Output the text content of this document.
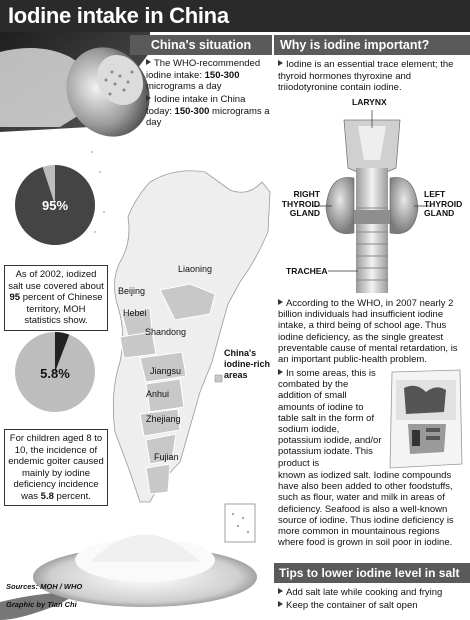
Iodine intake in China
China's situation
The WHO-recommended iodine intake: 150-300 micrograms a day
Iodine intake in China today: 150-300 micrograms a day
95%
As of 2002, iodized salt use covered about 95 percent of Chinese territory, MOH statistics show.
5.8%
For children aged 8 to 10, the incidence of endemic goiter caused mainly by iodine deficiency incidence was 5.8 percent.
Liaoning
Beijing
Hebei
Shandong
Jiangsu
Anhui
Zhejiang
Fujian
China's iodine-rich areas
Sources: MOH / WHO
Graphic by Tian Chi
Why is iodine important?
Iodine is an essential trace element; the thyroid hormones thyroxine and triiodotyronine contain iodine.
LARYNX
RIGHT THYROID GLAND
LEFT THYROID GLAND
TRACHEA
According to the WHO, in 2007 nearly 2 billion individuals had insufficient iodine intake, a third being of school age. Thus iodine deficiency, as the single greatest preventable cause of mental retardation, is an important public-health problem.
In some areas, this is combated by the addition of small amounts of iodine to table salt in the form of sodium iodide, potassium iodide, and/or potassium iodate. This product is
known as iodized salt. Iodine compounds have also been added to other foodstuffs, such as flour, water and milk in areas of deficiency. Seafood is also a well-known source of iodine. Thus iodine deficiency is more common in mountainous regions where food is grown in soil poor in iodine.
Tips to lower iodine level in salt
Add salt late while cooking and frying
Keep the container of salt open
